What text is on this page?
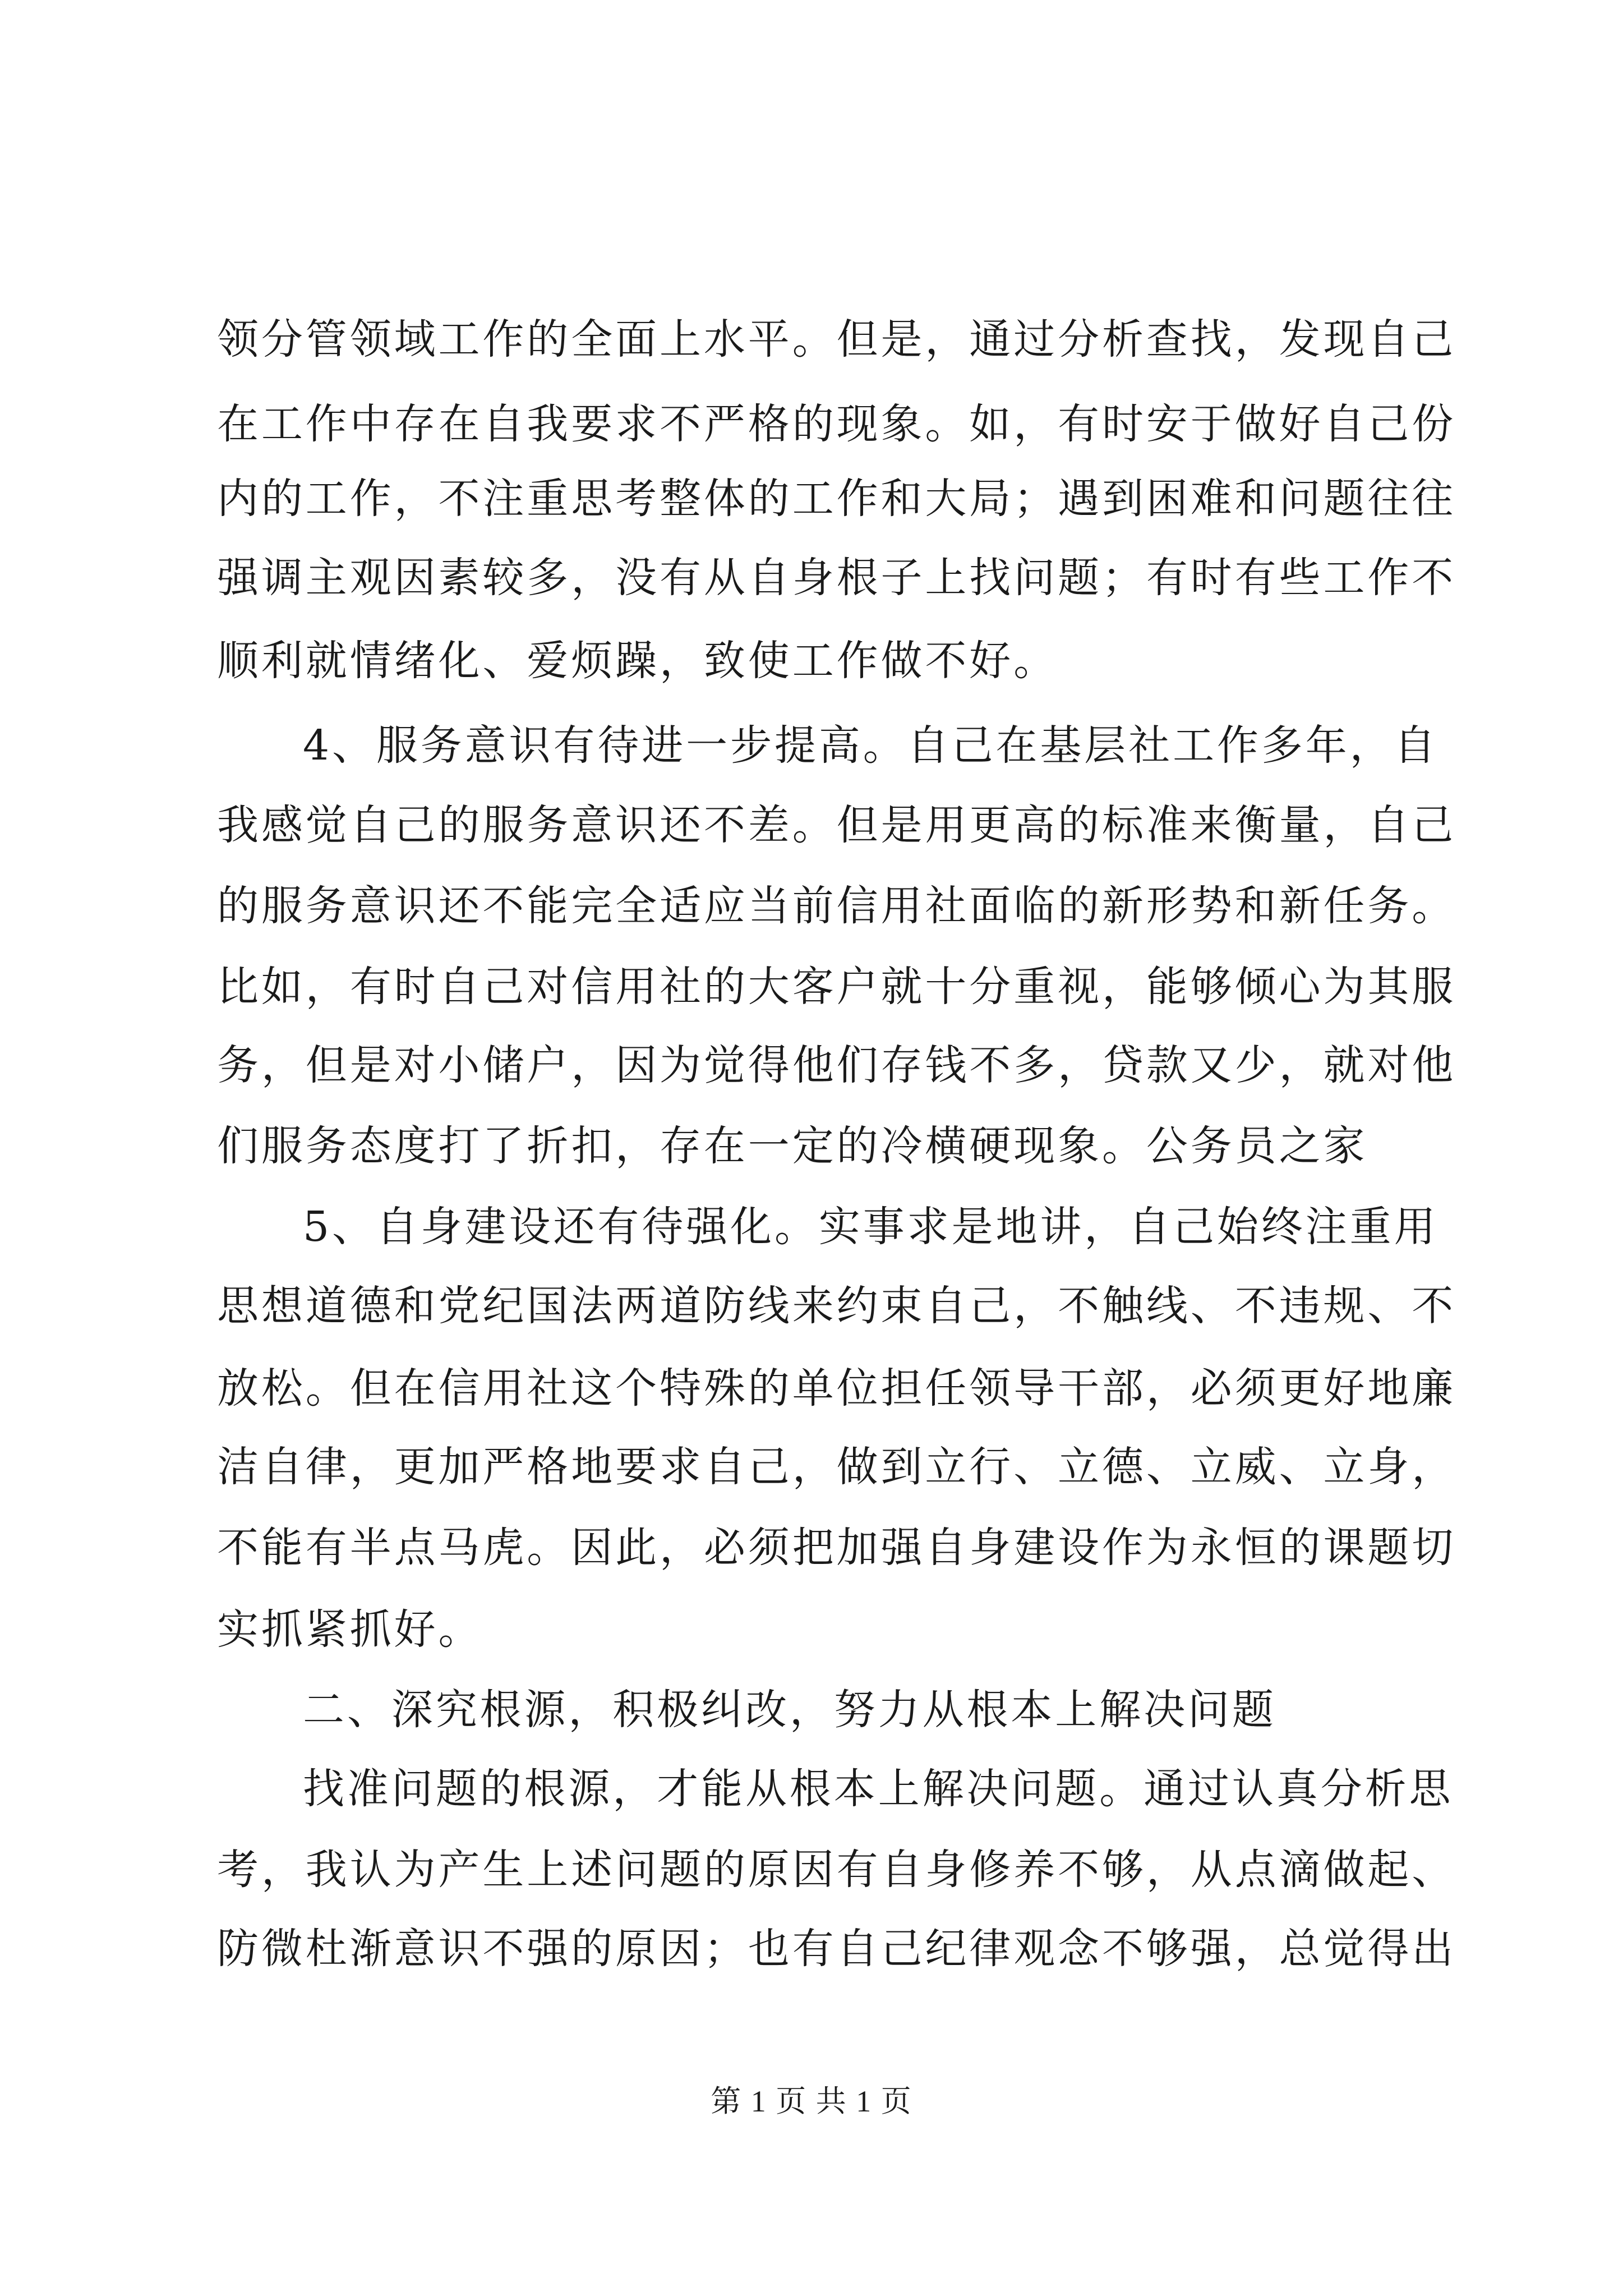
领分管领域工作的全面上水平。但是，通过分析查找，发现自己
在工作中存在自我要求不严格的现象。如，有时安于做好自己份
内的工作，不注重思考整体的工作和大局；遇到困难和问题往往
强调主观因素较多，没有从自身根子上找问题；有时有些工作不
顺利就情绪化、爱烦躁，致使工作做不好。
4、服务意识有待进一步提高。自己在基层社工作多年，自
我感觉自己的服务意识还不差。但是用更高的标准来衡量，自己
的服务意识还不能完全适应当前信用社面临的新形势和新任务。
比如，有时自己对信用社的大客户就十分重视，能够倾心为其服
务，但是对小储户，因为觉得他们存钱不多，贷款又少，就对他
们服务态度打了折扣，存在一定的冷横硬现象。公务员之家
5、自身建设还有待强化。实事求是地讲，自己始终注重用
思想道德和党纪国法两道防线来约束自己，不触线、不违规、不
放松。但在信用社这个特殊的单位担任领导干部，必须更好地廉
洁自律，更加严格地要求自己，做到立行、立德、立威、立身，
不能有半点马虎。因此，必须把加强自身建设作为永恒的课题切
实抓紧抓好。
二、深究根源，积极纠改，努力从根本上解决问题
找准问题的根源，才能从根本上解决问题。通过认真分析思
考，我认为产生上述问题的原因有自身修养不够，从点滴做起、
防微杜渐意识不强的原因；也有自己纪律观念不够强，总觉得出
第 1 页 共 1 页
